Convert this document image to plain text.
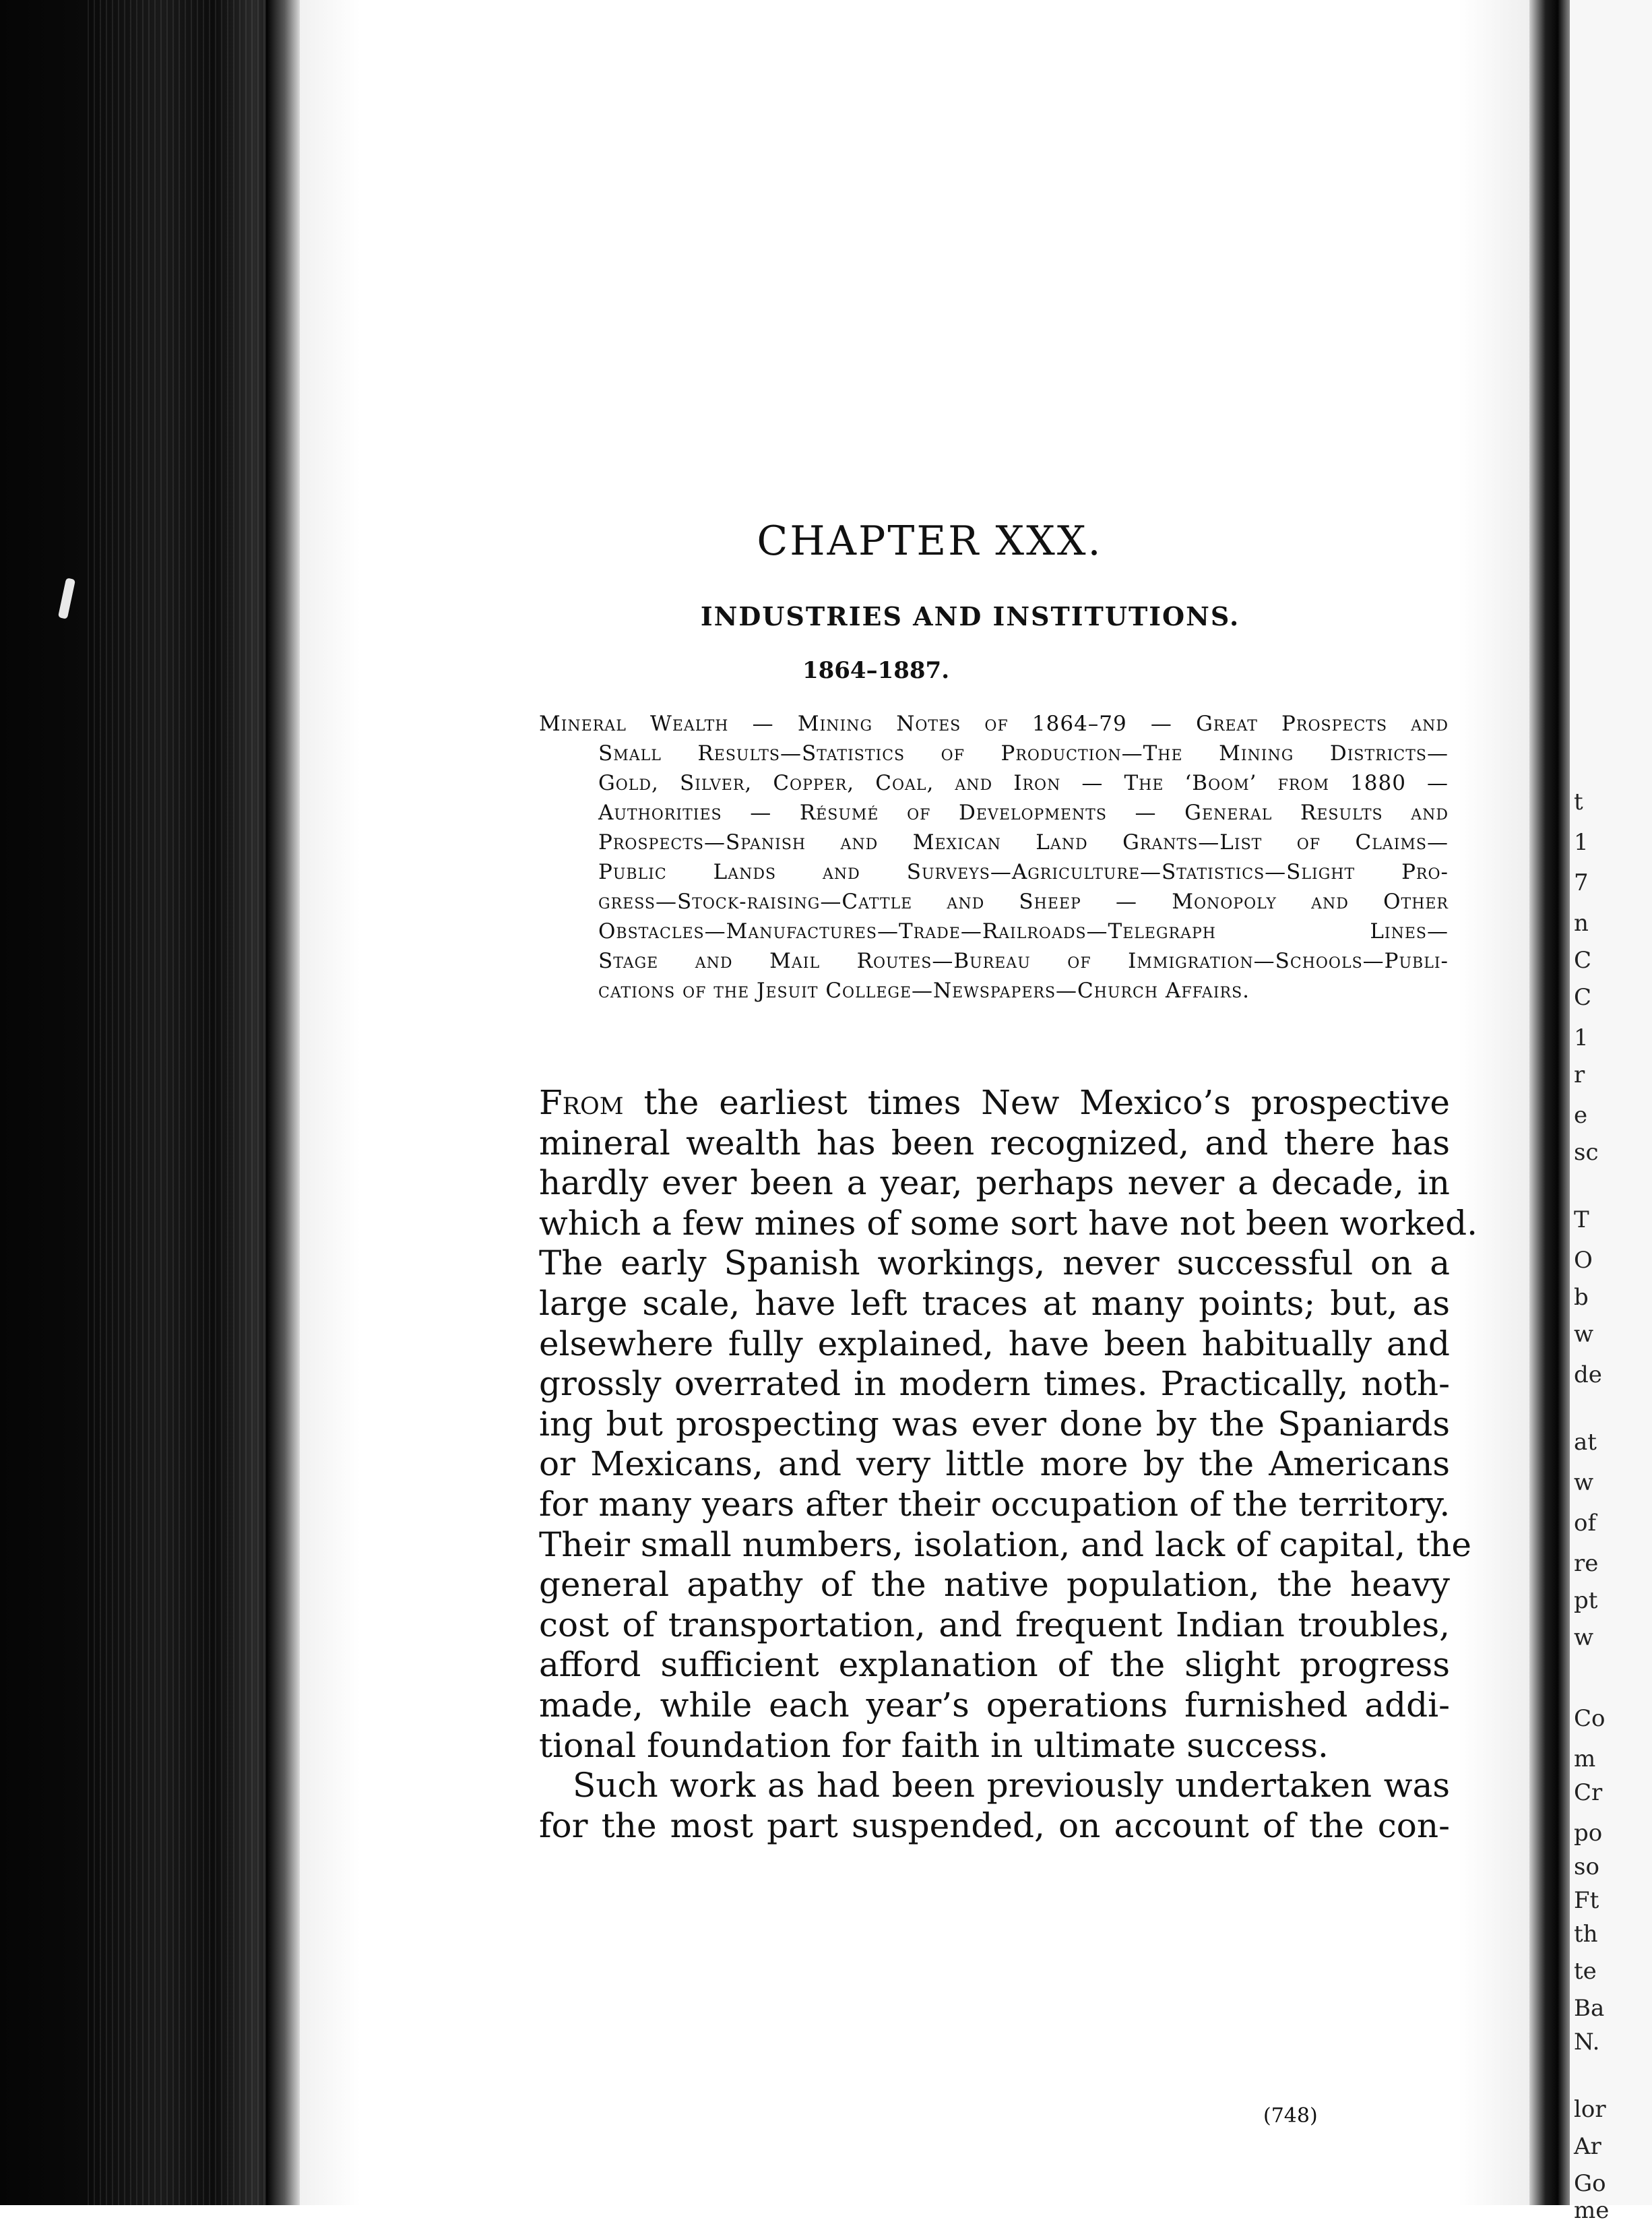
t
1
7
n
C
C
1
r
e
sc
T
O
b
w
de
at
w
of
re
pt
w
Co
m
Cr
po
so
Ft
th
te
Ba
N.
lor
Ar
Go
me
CHAPTER XXX.
INDUSTRIES AND INSTITUTIONS.
1864–1887.
Mineral Wealth — Mining Notes of 1864–79 — Great Prospects and
Small Results—Statistics of Production—The Mining Districts—
Gold, Silver, Copper, Coal, and Iron — The ‘Boom’ from 1880 —
Authorities — Résumé of Developments — General Results and
Prospects—Spanish and Mexican Land Grants—List of Claims—
Public Lands and Surveys—Agriculture—Statistics—Slight Pro-
gress—Stock-raising—Cattle and Sheep — Monopoly and Other
Obstacles—Manufactures—Trade—Railroads—Telegraph Lines—
Stage and Mail Routes—Bureau of Immigration—Schools—Publi-
cations of the Jesuit College—Newspapers—Church Affairs.
From the earliest times New Mexico’s prospective
mineral wealth has been recognized, and there has
hardly ever been a year, perhaps never a decade, in
which a few mines of some sort have not been worked.
The early Spanish workings, never successful on a
large scale, have left traces at many points; but, as
elsewhere fully explained, have been habitually and
grossly overrated in modern times. Practically, noth-
ing but prospecting was ever done by the Spaniards
or Mexicans, and very little more by the Americans
for many years after their occupation of the territory.
Their small numbers, isolation, and lack of capital, the
general apathy of the native population, the heavy
cost of transportation, and frequent Indian troubles,
afford sufficient explanation of the slight progress
made, while each year’s operations furnished addi-
tional foundation for faith in ultimate success.
Such work as had been previously undertaken was
for the most part suspended, on account of the con-
(748)
